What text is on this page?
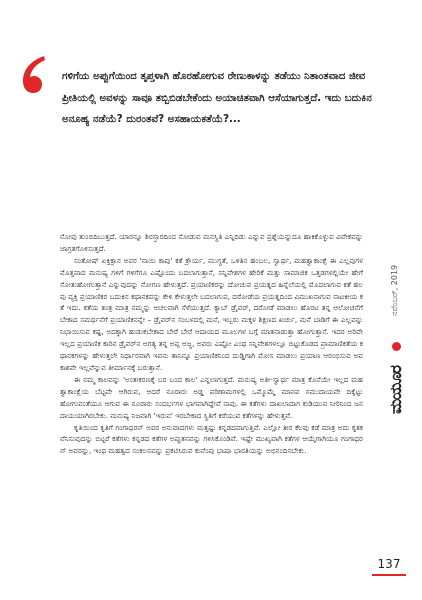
ಗಳಿಗೆಯ ಅಪ್ಪುಗೆಯಿಂದ ತೃಪ್ತಳಾಗಿ ಹೊರಹೋಗುವ ರೇಣುಕಾಳನ್ನು ತಡೆಯು ನಿತಾಂತವಾದ ಜೀವಪ್ರೀತಿಯಲ್ಲಿ ಅವಳನ್ನು ಸಾವೂ ತಬ್ಬಿಬಿಡಬೇಕೆಂದು ಅಯಾಚಿತವಾಗಿ ಆಸೆಯಾಗುತ್ತದೆ. ಇದು ಬದುಕಿನ ಅನೂಹ್ಯ ನಡೆಯೆ? ದುರಂತವೆ? ಅಸಹಾಯಕತೆಯೆ?...

ನೋವು ತುಂಬಿದಿಬುತ್ತದೆ. ಯಾರನ್ನೂ ಶಿರಸ್ತಾರದಿಂದ ನೋಡುವ ಮನಸ್ಥಿತಿ ಎನ್ನಿದಿಡು ಎನ್ನುವ ಪ್ರಶ್ನೆಯನ್ನುದೂ ಹಾಕಿಕೊಳ್ಳುವ ವಿವೇಕವನ್ನು ಜಾಗ್ರತಗೊಳಿಸುತ್ತದೆ.

ಸಂತೋಷ್ ಏಕ್ತಿಕ್ಸಾನ ಅವರ 'ನಾಯಿ ಕಾಪು' ಕತೆ ಕ್ರೌರ್ಯ, ಮುಗ್ಧತೆ, ಒಳಿತಿನ ಹಂಬಲ, ಸ್ವಾರ್ಥ, ಮಹತ್ವಾಕಾಂಕ್ಷೆ ಈ ಎಲ್ಲವುಗಳ ಮೊತ್ತವಾದ ಮನುಷ್ಯ ಗಳಿಗೆ ಗಳಿಗೆಗೂ ಎಷ್ಟೊಂದು ಬದಲಾಗುತ್ತಾನೆ, ಸನ್ನಿವೇಶಗಳ ಹೇರಿಕೆ ಮತ್ತು ಸಾಮಾಜಿಕ ಒತ್ತಡಗಳಲ್ಲಿಯೇ ಹೇಗೆ ಸೋತುಹೋಗುತ್ತಾನೆ ಎನ್ನುವುದನ್ನು ನೋಗಣ ಹೇಳುತ್ತದೆ. ಪ್ರಯಾಣಿಕರನ್ನು ದೋಚುವ ಪ್ರಯತ್ನದ ಹಿನ್ನೆಲೆಯಲ್ಲಿ ಮೊದಲಾಗುವ ಕತೆ ಹಲವು ವ್ಯಕ್ತಿ ಪ್ರಯಾಣಿಕರ ಬದುಕಿನ ಕಥಾನಕವನ್ನು ಕೇಳಿ ಕೇಳುತ್ತಲೇ ಬದಲಾಗುವ, ದರೋಡೆಯ ಪ್ರಯತ್ನದಿಂದ ವಿಮುಖನಾಗುವ ನಾಟಕೀಯ ಕತೆ ಇದು. ಕತೆಯ ತಂತ್ರ ಮಾತ್ರ ನಮ್ಮನ್ನು ಅಚಲವಾಗಿ ಸೆಳೆಯುತ್ತದೆ. ಕ್ಯಾಬ್ ಡ್ರೈವರ್, ದರೋಡೆ ಮಾಡಲು ಹೊರಟ ತನ್ನ ಆಲೋಚನೆಗೆ ಬೇಕಾದ ಸಮರ್ಥನೆಗೆ ಪ್ರಯಾಣಿಕನನ್ನೇ – ಡ್ರೈವರ್‌ನ ಸಂಬಳದಲ್ಲಿ ಮನೆ, ಇಬ್ಬರು ಮಕ್ಕಳ ಶಿಕ್ಷಣದ ಖರ್ಚು, ಮನೆ ಬಾಡಿಗೆ ಈ ಎಲ್ಲವನ್ನು ನಿಭಾಯಿಸುವ ಕಷ್ಟ, ಅದಕ್ಕಾಗಿ ಹುಡುಕಬೇಕಾದ ಬೇರೆ ಬೇರೆ ಆದಾಯದ ಮೂಲಗಳ ಬಗ್ಗೆ ಮಾತನಾಡುತ್ತಾ ಹೋಗುತ್ತಾನೆ. ಇದರ ಅರಿವೇ ಇಲ್ಲದ ಪ್ರಯಾಣಿಕ ಕಾರಿನ ಡ್ರೈವರ್‌ನ ಅಗತ್ಯ ತನ್ನ ಅಪ್ಪ ಅಜ್ಜ, ಅವರು ಎಷ್ಟೋ ಎಂಥ ಸನ್ನಿವೇಶಗಳಲ್ಲೂ ಬಿಟ್ಟುಕೊಡದ ಪ್ರಾಮಾಣಿಕತೆಯ ಕಥಾನಕಗಳನ್ನು ಹೇಳುತ್ತಲೇ ನಿರ್ಧಾರವಾಗಿ ಇವನು ತಾನಿನ್ನೂ ಪ್ರಯಾಣಿಕನಿಂದ ದುಡ್ಡಿಗಾಗಿ ಮೋಸ ಮಾಡಲು ಪ್ರಯಾಣ ಆರಂಭಿಸುವ ಅವಕಾಶವೇ ಇಲ್ಲವೆನ್ನುವ ತೀರ್ಮಾನಕ್ಕೆ ಬರುತ್ತಾನೆ.

ಈ ನಮ್ಮ ಕಾಲವನ್ನು 'ಅಂತಃಕರಣಕ್ಕೆ ಬರ ಬಂದ ಕಾಲ' ಎನ್ನಲಾಗುತ್ತದೆ. ಮನುಷ್ಯ ಅತೀ-ಸ್ವಾರ್ಥ ಮಾತ್ರ ಕೊನೆಯೇ ಇಲ್ಲದ ಮಹತ್ವಾಕಾಂಕ್ಷೆಯ ಬೆಟ್ಟವೇ ಆಗಿರುವ, ಆದರೆ ನೂರಾರು ಅಡ್ಡ ಪರಿಣಾಮಗಳಲ್ಲಿ ಒಮ್ಮೊಮ್ಮೆ ಮಾನವ ಸಮುದಾಯವೇ ದಿಕ್ಕೆಟ್ಟು ಹೋಗುವಂತೆಯೂ ಆಗುವ ಈ ನೂರಾರು ಸಂದರ್ಭಗಳ ಭಾಗವಾಗಿದ್ದೇವೆ ನಾವು. ಈ ಕತೆಗಳು ದಾಖಲಾದಾಗ ಕುಡಿಯುವ ನೀರಿನಿಂದ ಜನದಾಯಯಾಗಿರಬೇಕು. ಮನುಷ್ಯ ನಿಜವಾಗಿ 'ಇರುವ' ಇರಬೇಕಾದ ಸ್ಥಿತಿಗೆ ಕರೆಯುವ ಕತೆಗಳನ್ನು ಹೇಳುತ್ತವೆ.

ಕೃತಿಯಿಂದ ಕೃತಿಗೆ ಗಂಗಾಧರನ್ ಅವರ ಅನುವಾದಗಳು ಮತ್ತಷ್ಟು ಕನ್ನಡದವಾಗುತ್ತಿವೆ. ಎಲ್ಲೋ ತೀರ ಕೆಲವು ಕಡೆ ಮಾತ್ರ ಅದು ಕೃತಕವೆನಿಸುವುದನ್ನು ಬಿಟ್ಟರೆ ಕತೆಗಳು ಕನ್ನಡದ ಕತೆಗಳ ಅಪ್ಪುತನವನ್ನು ಗಳಿಸಿಕೊಂಡಿವೆ. ಇಷ್ಟೇ ಮುಖ್ಯವಾಗಿ ಕತೆಗಳ ಆಯ್ಕೆಗಾಗಿಯೂ ಗಂಗಾಧರನ್ ಅವರನ್ನು, ಇಂಥ ಮಹತ್ವದ ಸಂಕಲನವನ್ನು ಪ್ರಕಟಿಸಿರುವ ಕುವೆಂಪು ಭಾಷಾ ಭಾರತಿಯನ್ನು ಅಭಿನಂದಿಸಬೇಕು.

ನವೆಂಬರ್, 2019
ಮಯೂರ
137
